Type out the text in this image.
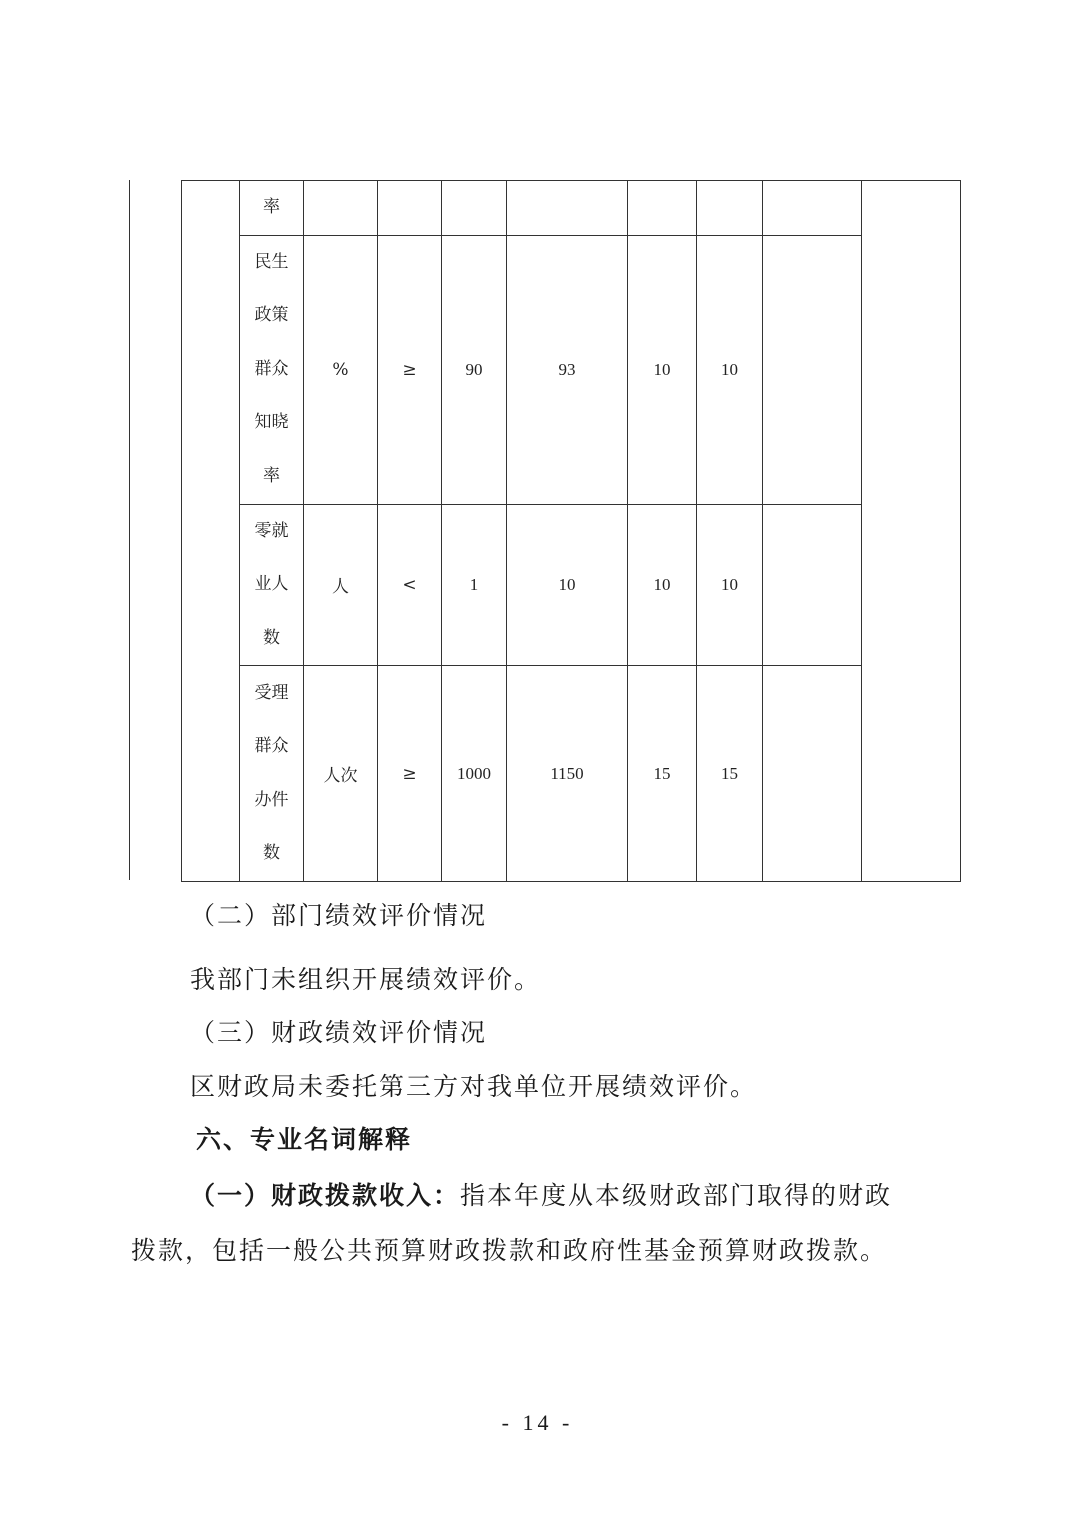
	率								

	民生
政策
群众
知晓
率	%	≥	90	93	10	10		

	零就
业人
数	人	<	1	10	10	10		

	受理
群众
办件
数	人次	≥	1000	1150	15	15		
（二）部门绩效评价情况
我部门未组织开展绩效评价。
（三）财政绩效评价情况
区财政局未委托第三方对我单位开展绩效评价。
六、专业名词解释
（一）财政拨款收入：指本年度从本级财政部门取得的财政
拨款，包括一般公共预算财政拨款和政府性基金预算财政拨款。
- 14 -
